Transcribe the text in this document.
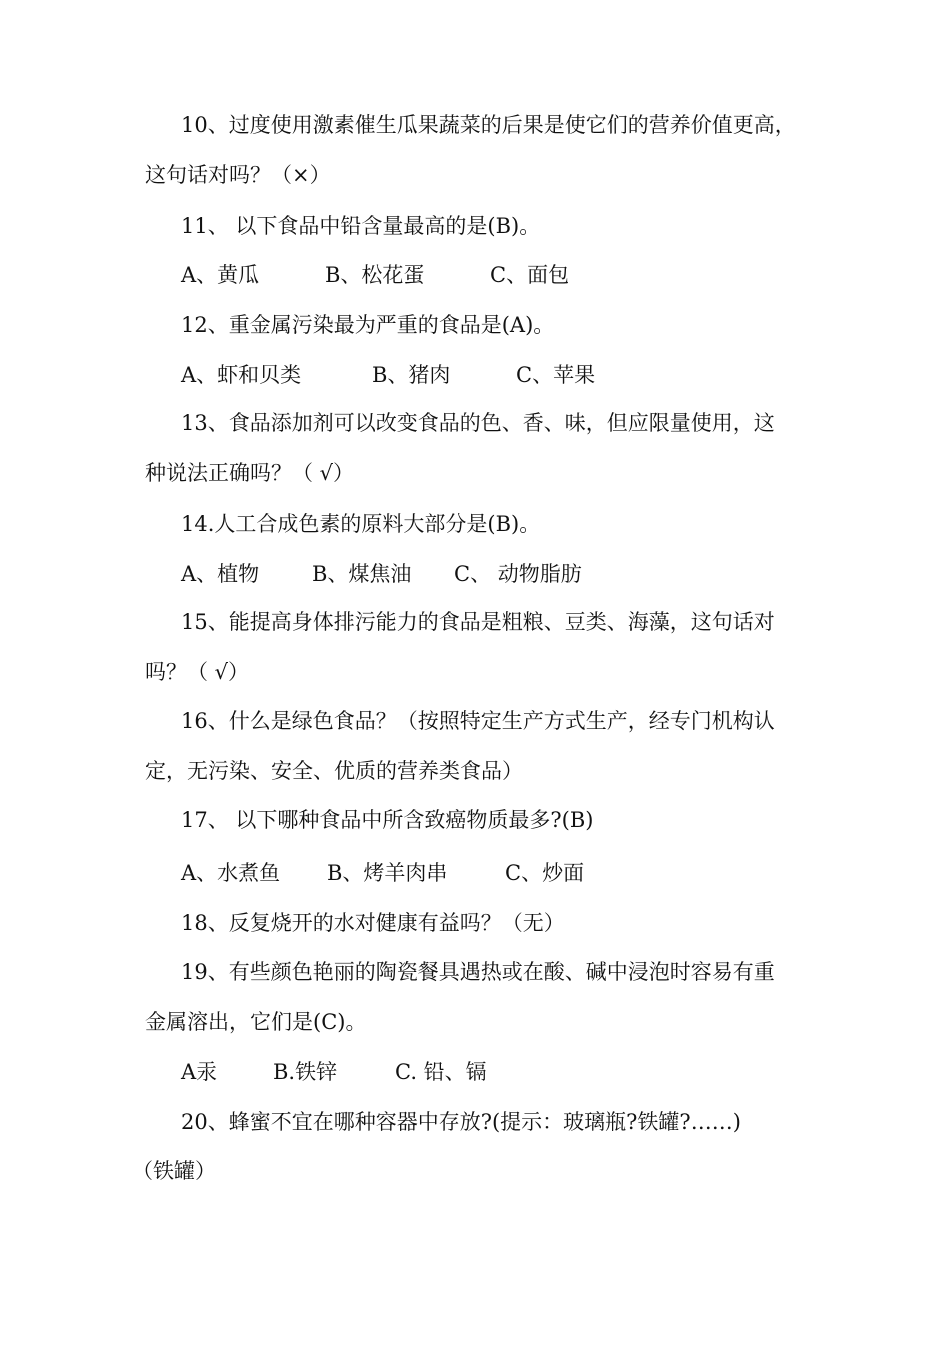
10、过度使用激素催生瓜果蔬菜的后果是使它们的营养价值更高，
这句话对吗？（×）
11、 以下食品中铅含量最高的是(B)。
A、黄瓜	B、松花蛋	C、面包
12、重金属污染最为严重的食品是(A)。
A、虾和贝类	B、猪肉	C、苹果
13、食品添加剂可以改变食品的色、香、味，但应限量使用，这
种说法正确吗？（ √）
14.人工合成色素的原料大部分是(B)。
A、植物	B、煤焦油 C、 动物脂肪
15、能提高身体排污能力的食品是粗粮、豆类、海藻，这句话对
吗？（ √）
16、什么是绿色食品？（按照特定生产方式生产，经专门机构认
定，无污染、安全、优质的营养类食品）
17、 以下哪种食品中所含致癌物质最多?(B)
A、水煮鱼 B、烤羊肉串	C、炒面
18、反复烧开的水对健康有益吗？（无）
19、有些颜色艳丽的陶瓷餐具遇热或在酸、碱中浸泡时容易有重
金属溶出，它们是(C)。
A汞	B.铁锌	C. 铅、镉
20、蜂蜜不宜在哪种容器中存放?(提示：玻璃瓶?铁罐?……)
（铁罐）
